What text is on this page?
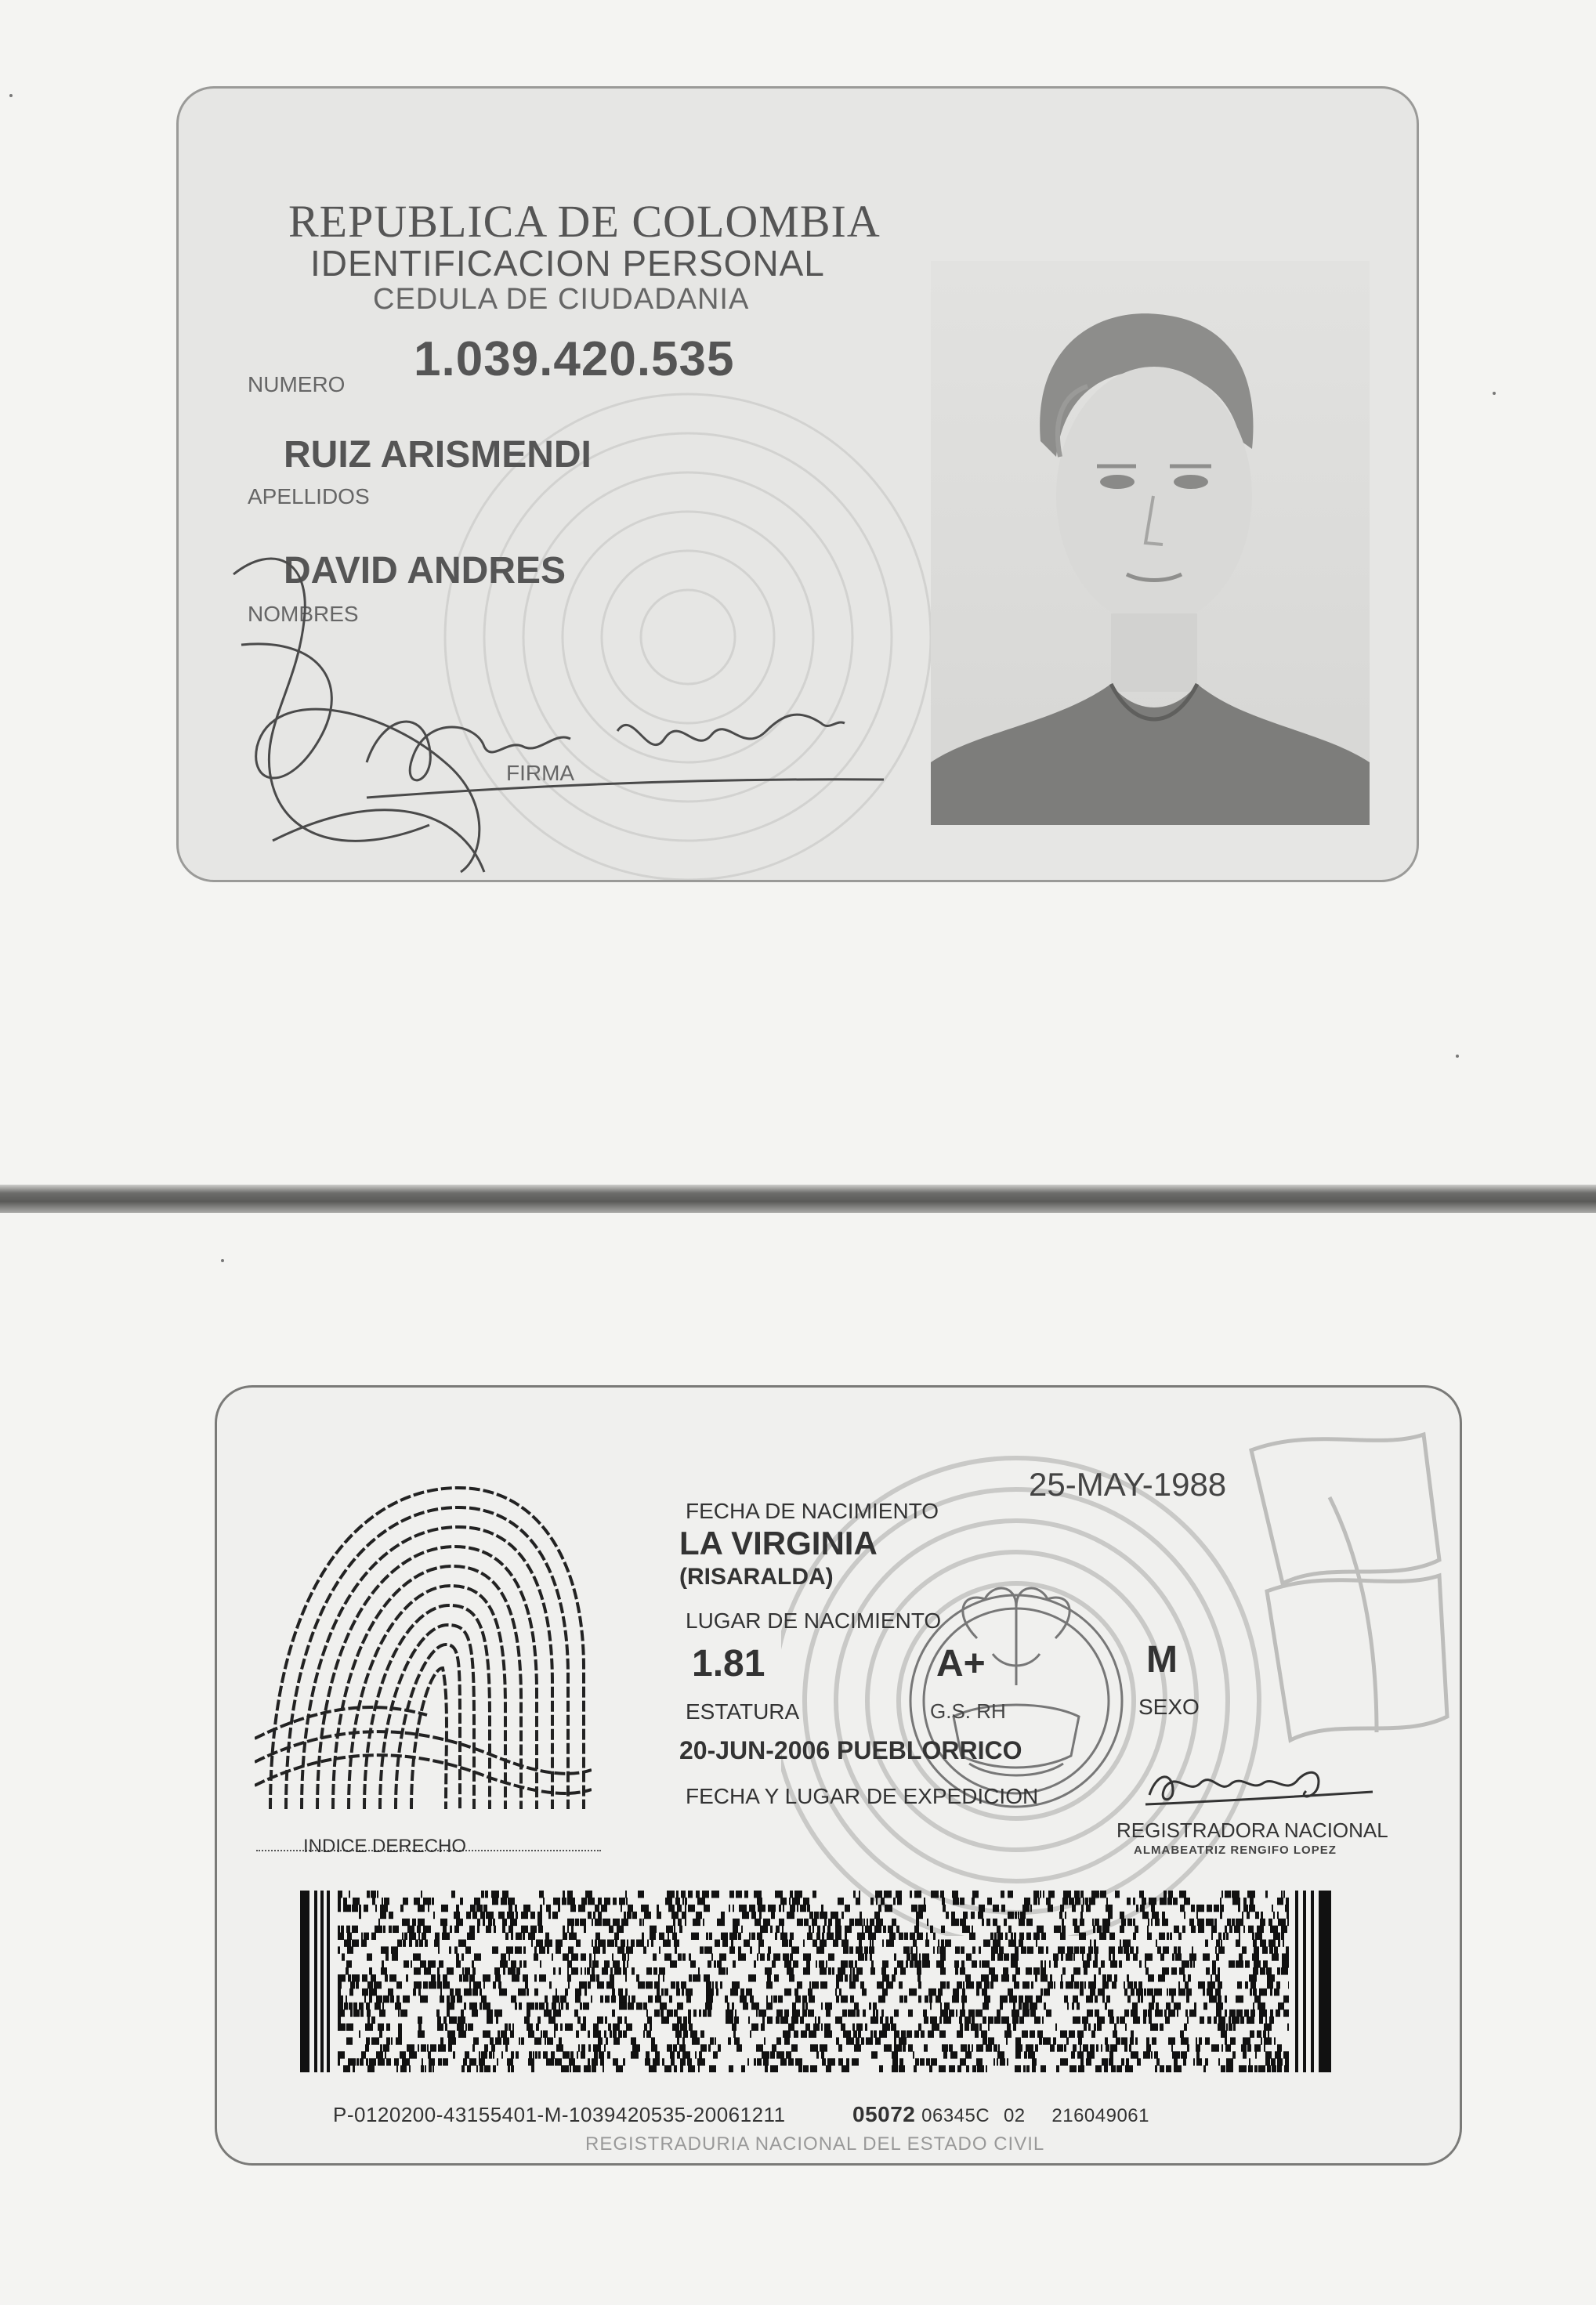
REPUBLICA DE COLOMBIA
IDENTIFICACION PERSONAL
CEDULA DE CIUDADANIA
NUMERO 1.039.420.535
RUIZ ARISMENDI
APELLIDOS
DAVID ANDRES
NOMBRES
FIRMA
INDICE DERECHO
25-MAY-1988
FECHA DE NACIMIENTO
LA VIRGINIA
(RISARALDA)
LUGAR DE NACIMIENTO
1.81
ESTATURA
A+
G.S. RH
M
SEXO
20-JUN-2006 PUEBLORRICO
FECHA Y LUGAR DE EXPEDICION
REGISTRADORA NACIONAL
ALMABEATRIZ RENGIFO LOPEZ
P-0120200-43155401-M-1039420535-20061211	05072 06345C 02 216049061
REGISTRADURIA NACIONAL DEL ESTADO CIVIL
